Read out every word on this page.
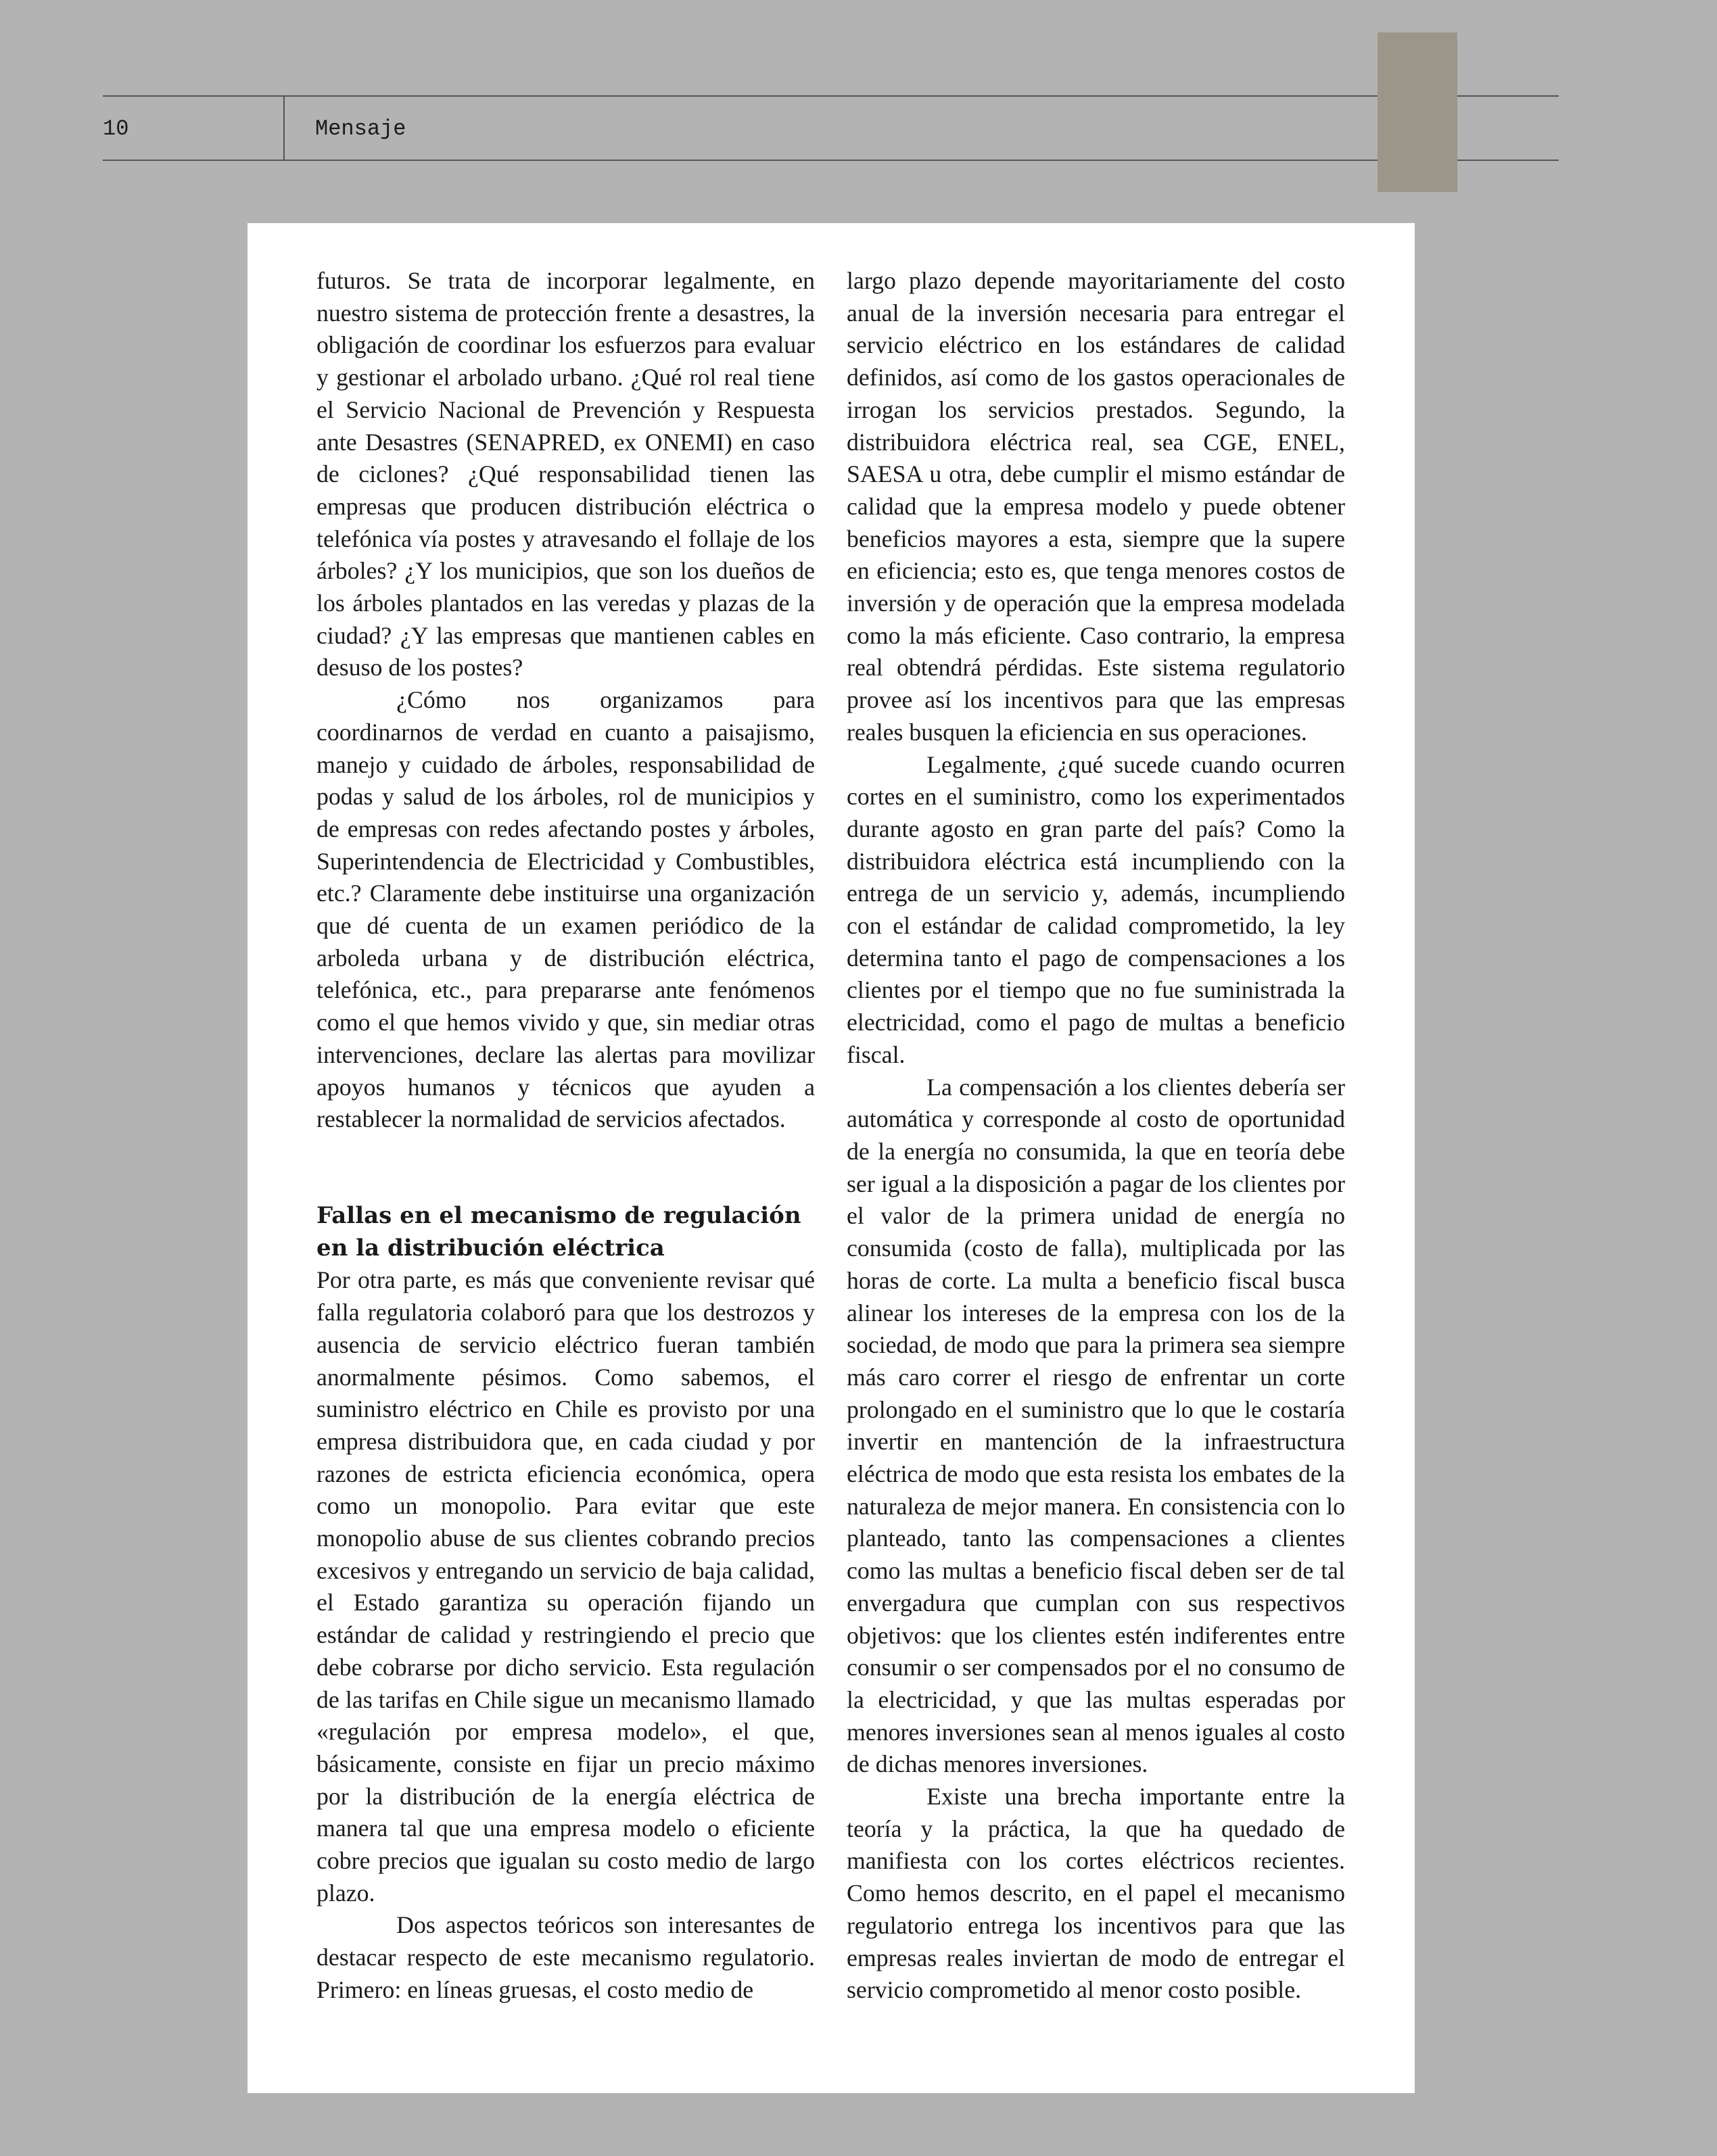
10	Mensaje

futuros. Se trata de incorporar legalmente, en nuestro sistema de protección frente a desastres, la obligación de coordinar los esfuerzos para evaluar y gestionar el arbolado urbano. ¿Qué rol real tiene el Servicio Nacional de Prevención y Respuesta ante Desastres (SENAPRED, ex ONEMI) en caso de ciclones? ¿Qué responsabilidad tienen las empresas que producen distribución eléctrica o telefónica vía postes y atravesando el follaje de los árboles? ¿Y los municipios, que son los dueños de los árboles plantados en las veredas y plazas de la ciudad? ¿Y las empresas que mantienen cables en desuso de los postes?

¿Cómo nos organizamos para coordinarnos de verdad en cuanto a paisajismo, manejo y cuidado de árboles, responsabilidad de podas y salud de los árboles, rol de municipios y de empresas con redes afectando postes y árboles, Superintendencia de Electricidad y Combustibles, etc.? Claramente debe instituirse una organización que dé cuenta de un examen periódico de la arboleda urbana y de distribución eléctrica, telefónica, etc., para prepararse ante fenómenos como el que hemos vivido y que, sin mediar otras intervenciones, declare las alertas para movilizar apoyos humanos y técnicos que ayuden a restablecer la normalidad de servicios afectados.

Fallas en el mecanismo de regulación
en la distribución eléctrica

Por otra parte, es más que conveniente revisar qué falla regulatoria colaboró para que los destrozos y ausencia de servicio eléctrico fueran también anormalmente pésimos. Como sabemos, el suministro eléctrico en Chile es provisto por una empresa distribuidora que, en cada ciudad y por razones de estricta eficiencia económica, opera como un monopolio. Para evitar que este monopolio abuse de sus clientes cobrando precios excesivos y entregando un servicio de baja calidad, el Estado garantiza su operación fijando un estándar de calidad y restringiendo el precio que debe cobrarse por dicho servicio. Esta regulación de las tarifas en Chile sigue un mecanismo llamado «regulación por empresa modelo», el que, básicamente, consiste en fijar un precio máximo por la distribución de la energía eléctrica de manera tal que una empresa modelo o eficiente cobre precios que igualan su costo medio de largo plazo.

Dos aspectos teóricos son interesantes de destacar respecto de este mecanismo regulatorio. Primero: en líneas gruesas, el costo medio de

largo plazo depende mayoritariamente del costo anual de la inversión necesaria para entregar el servicio eléctrico en los estándares de calidad definidos, así como de los gastos operacionales de irrogan los servicios prestados. Segundo, la distribuidora eléctrica real, sea CGE, ENEL, SAESA u otra, debe cumplir el mismo estándar de calidad que la empresa modelo y puede obtener beneficios mayores a esta, siempre que la supere en eficiencia; esto es, que tenga menores costos de inversión y de operación que la empresa modelada como la más eficiente. Caso contrario, la empresa real obtendrá pérdidas. Este sistema regulatorio provee así los incentivos para que las empresas reales busquen la eficiencia en sus operaciones.

Legalmente, ¿qué sucede cuando ocurren cortes en el suministro, como los experimentados durante agosto en gran parte del país? Como la distribuidora eléctrica está incumpliendo con la entrega de un servicio y, además, incumpliendo con el estándar de calidad comprometido, la ley determina tanto el pago de compensaciones a los clientes por el tiempo que no fue suministrada la electricidad, como el pago de multas a beneficio fiscal.

La compensación a los clientes debería ser automática y corresponde al costo de oportunidad de la energía no consumida, la que en teoría debe ser igual a la disposición a pagar de los clientes por el valor de la primera unidad de energía no consumida (costo de falla), multiplicada por las horas de corte. La multa a beneficio fiscal busca alinear los intereses de la empresa con los de la sociedad, de modo que para la primera sea siempre más caro correr el riesgo de enfrentar un corte prolongado en el suministro que lo que le costaría invertir en mantención de la infraestructura eléctrica de modo que esta resista los embates de la naturaleza de mejor manera. En consistencia con lo planteado, tanto las compensaciones a clientes como las multas a beneficio fiscal deben ser de tal envergadura que cumplan con sus respectivos objetivos: que los clientes estén indiferentes entre consumir o ser compensados por el no consumo de la electricidad, y que las multas esperadas por menores inversiones sean al menos iguales al costo de dichas menores inversiones.

Existe una brecha importante entre la teoría y la práctica, la que ha quedado de manifiesta con los cortes eléctricos recientes. Como hemos descrito, en el papel el mecanismo regulatorio entrega los incentivos para que las empresas reales inviertan de modo de entregar el servicio comprometido al menor costo posible.
